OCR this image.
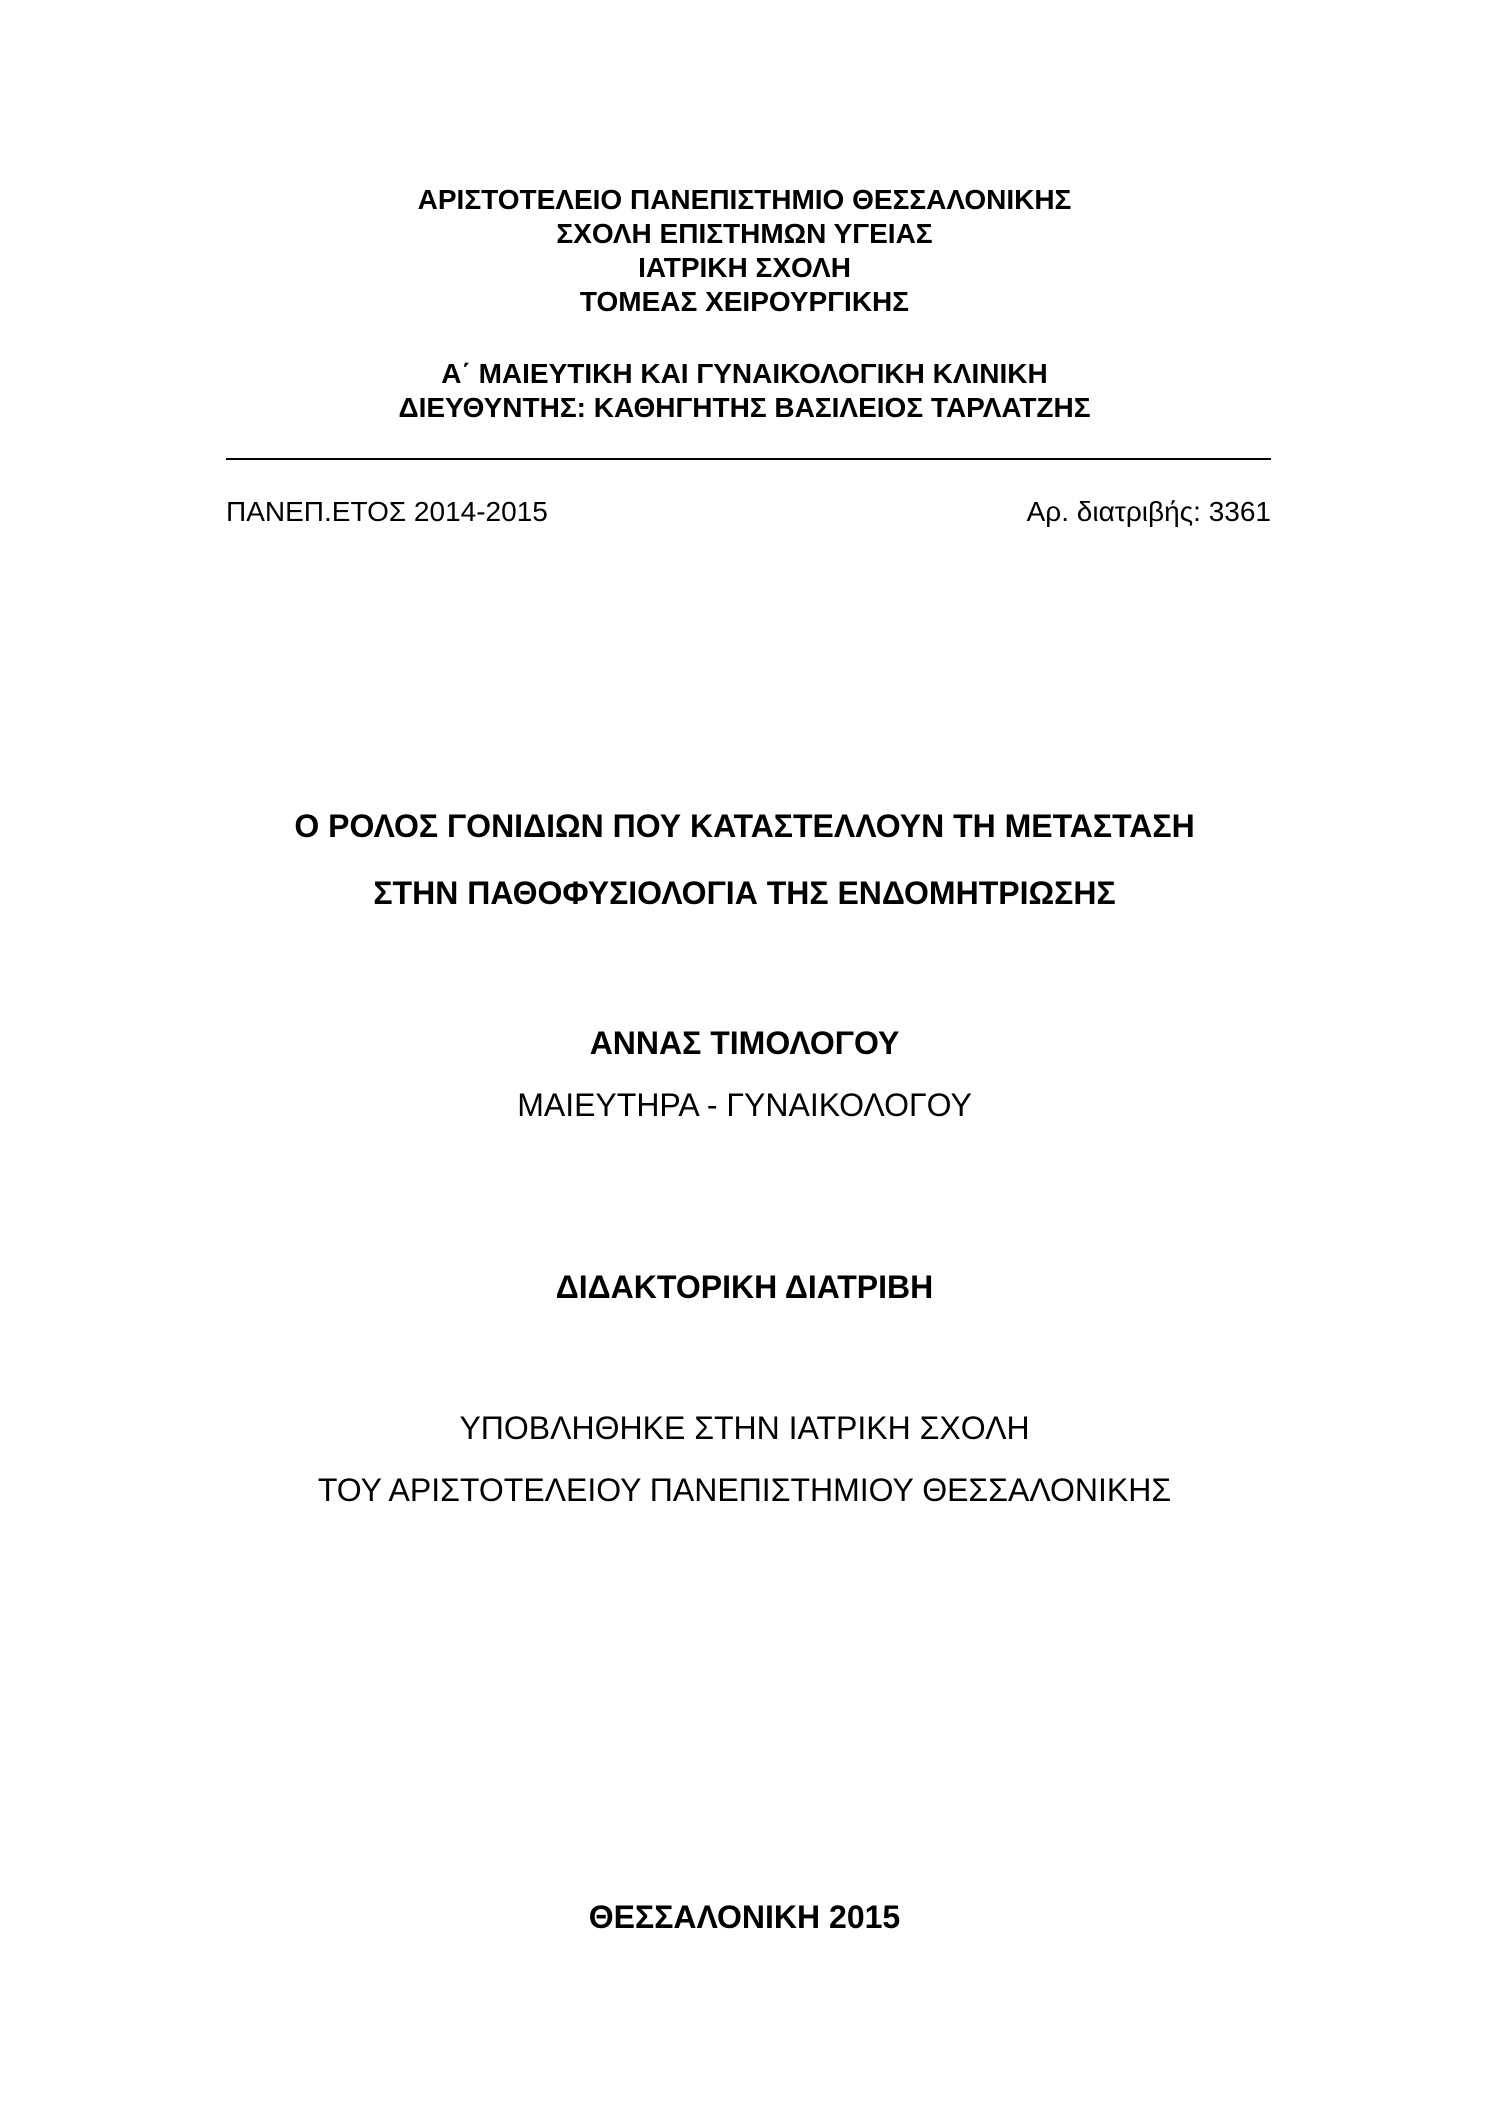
ΑΡΙΣΤΟΤΕΛΕΙΟ ΠΑΝΕΠΙΣΤΗΜΙΟ ΘΕΣΣΑΛΟΝΙΚΗΣ
ΣΧΟΛΗ ΕΠΙΣΤΗΜΩΝ ΥΓΕΙΑΣ
ΙΑΤΡΙΚΗ ΣΧΟΛΗ
ΤΟΜΕΑΣ ΧΕΙΡΟΥΡΓΙΚΗΣ
Α΄ ΜΑΙΕΥΤΙΚΗ ΚΑΙ ΓΥΝΑΙΚΟΛΟΓΙΚΗ ΚΛΙΝΙΚΗ
ΔΙΕΥΘΥΝΤΗΣ: ΚΑΘΗΓΗΤΗΣ ΒΑΣΙΛΕΙΟΣ ΤΑΡΛΑΤΖΗΣ
ΠΑΝΕΠ.ΕΤΟΣ 2014-2015	Αρ. διατριβής: 3361
Ο ΡΟΛΟΣ ΓΟΝΙΔΙΩΝ ΠΟΥ ΚΑΤΑΣΤΕΛΛΟΥΝ ΤΗ ΜΕΤΑΣΤΑΣΗ
ΣΤΗΝ ΠΑΘΟΦΥΣΙΟΛΟΓΙΑ ΤΗΣ ΕΝΔΟΜΗΤΡΙΩΣΗΣ
ΑΝΝΑΣ ΤΙΜΟΛΟΓΟΥ
ΜΑΙΕΥΤΗΡΑ - ΓΥΝΑΙΚΟΛΟΓΟΥ
ΔΙΔΑΚΤΟΡΙΚΗ ΔΙΑΤΡΙΒΗ
ΥΠΟΒΛΗΘΗΚΕ ΣΤΗΝ ΙΑΤΡΙΚΗ ΣΧΟΛΗ
ΤΟΥ ΑΡΙΣΤΟΤΕΛΕΙΟΥ ΠΑΝΕΠΙΣΤΗΜΙΟΥ ΘΕΣΣΑΛΟΝΙΚΗΣ
ΘΕΣΣΑΛΟΝΙΚΗ 2015
